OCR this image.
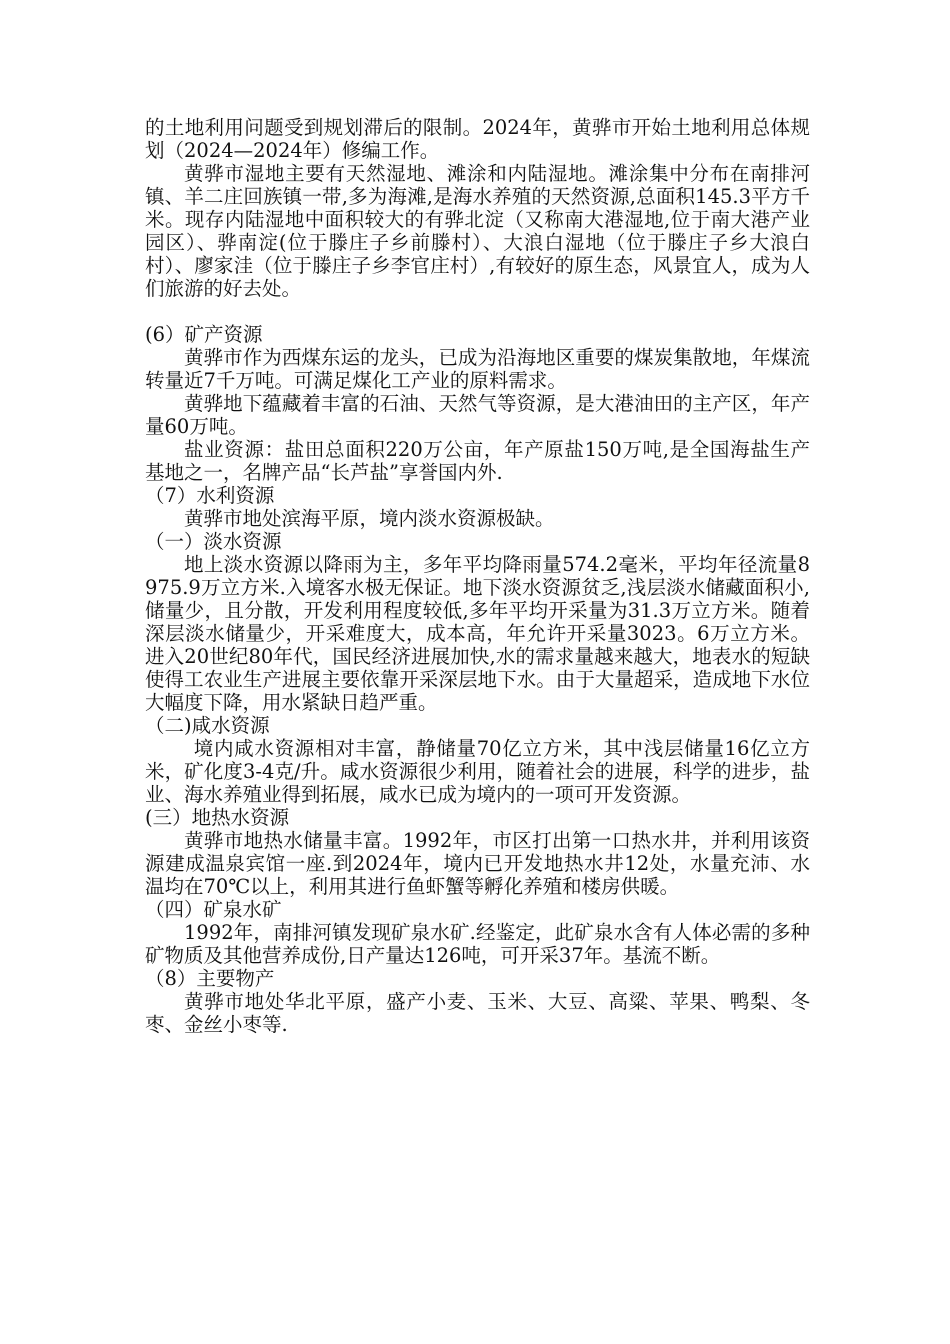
的土地利用问题受到规划滞后的限制。2024年，黄骅市开始土地利用总体规划（2024—2024年）修编工作。

黄骅市湿地主要有天然湿地、滩涂和内陆湿地。滩涂集中分布在南排河镇、羊二庄回族镇一带,多为海滩,是海水养殖的天然资源,总面积145.3平方千米。现存内陆湿地中面积较大的有骅北淀（又称南大港湿地,位于南大港产业园区）、骅南淀(位于滕庄子乡前滕村）、大浪白湿地（位于滕庄子乡大浪白村）、廖家洼（位于滕庄子乡李官庄村）,有较好的原生态，风景宜人，成为人们旅游的好去处。

(6）矿产资源

黄骅市作为西煤东运的龙头，已成为沿海地区重要的煤炭集散地，年煤流转量近7千万吨。可满足煤化工产业的原料需求。

黄骅地下蕴藏着丰富的石油、天然气等资源，是大港油田的主产区，年产量60万吨。

盐业资源：盐田总面积220万公亩，年产原盐150万吨,是全国海盐生产基地之一，名牌产品“长芦盐”享誉国内外.

（7）水利资源

黄骅市地处滨海平原，境内淡水资源极缺。

（一）淡水资源

地上淡水资源以降雨为主，多年平均降雨量574.2毫米，平均年径流量8975.9万立方米.入境客水极无保证。地下淡水资源贫乏,浅层淡水储藏面积小,储量少，且分散，开发利用程度较低,多年平均开采量为31.3万立方米。随着深层淡水储量少，开采难度大，成本高，年允许开采量3023。6万立方米。进入20世纪80年代，国民经济进展加快,水的需求量越来越大，地表水的短缺使得工农业生产进展主要依靠开采深层地下水。由于大量超采，造成地下水位大幅度下降，用水紧缺日趋严重。

（二)咸水资源

境内咸水资源相对丰富，静储量70亿立方米，其中浅层储量16亿立方米，矿化度3-4克/升。咸水资源很少利用，随着社会的进展，科学的进步，盐业、海水养殖业得到拓展，咸水已成为境内的一项可开发资源。

(三）地热水资源

黄骅市地热水储量丰富。1992年，市区打出第一口热水井，并利用该资源建成温泉宾馆一座.到2024年，境内已开发地热水井12处，水量充沛、水温均在70℃以上，利用其进行鱼虾蟹等孵化养殖和楼房供暖。

（四）矿泉水矿

1992年，南排河镇发现矿泉水矿.经鉴定，此矿泉水含有人体必需的多种矿物质及其他营养成份,日产量达126吨，可开采37年。基流不断。

（8）主要物产

黄骅市地处华北平原，盛产小麦、玉米、大豆、高粱、苹果、鸭梨、冬枣、金丝小枣等.
